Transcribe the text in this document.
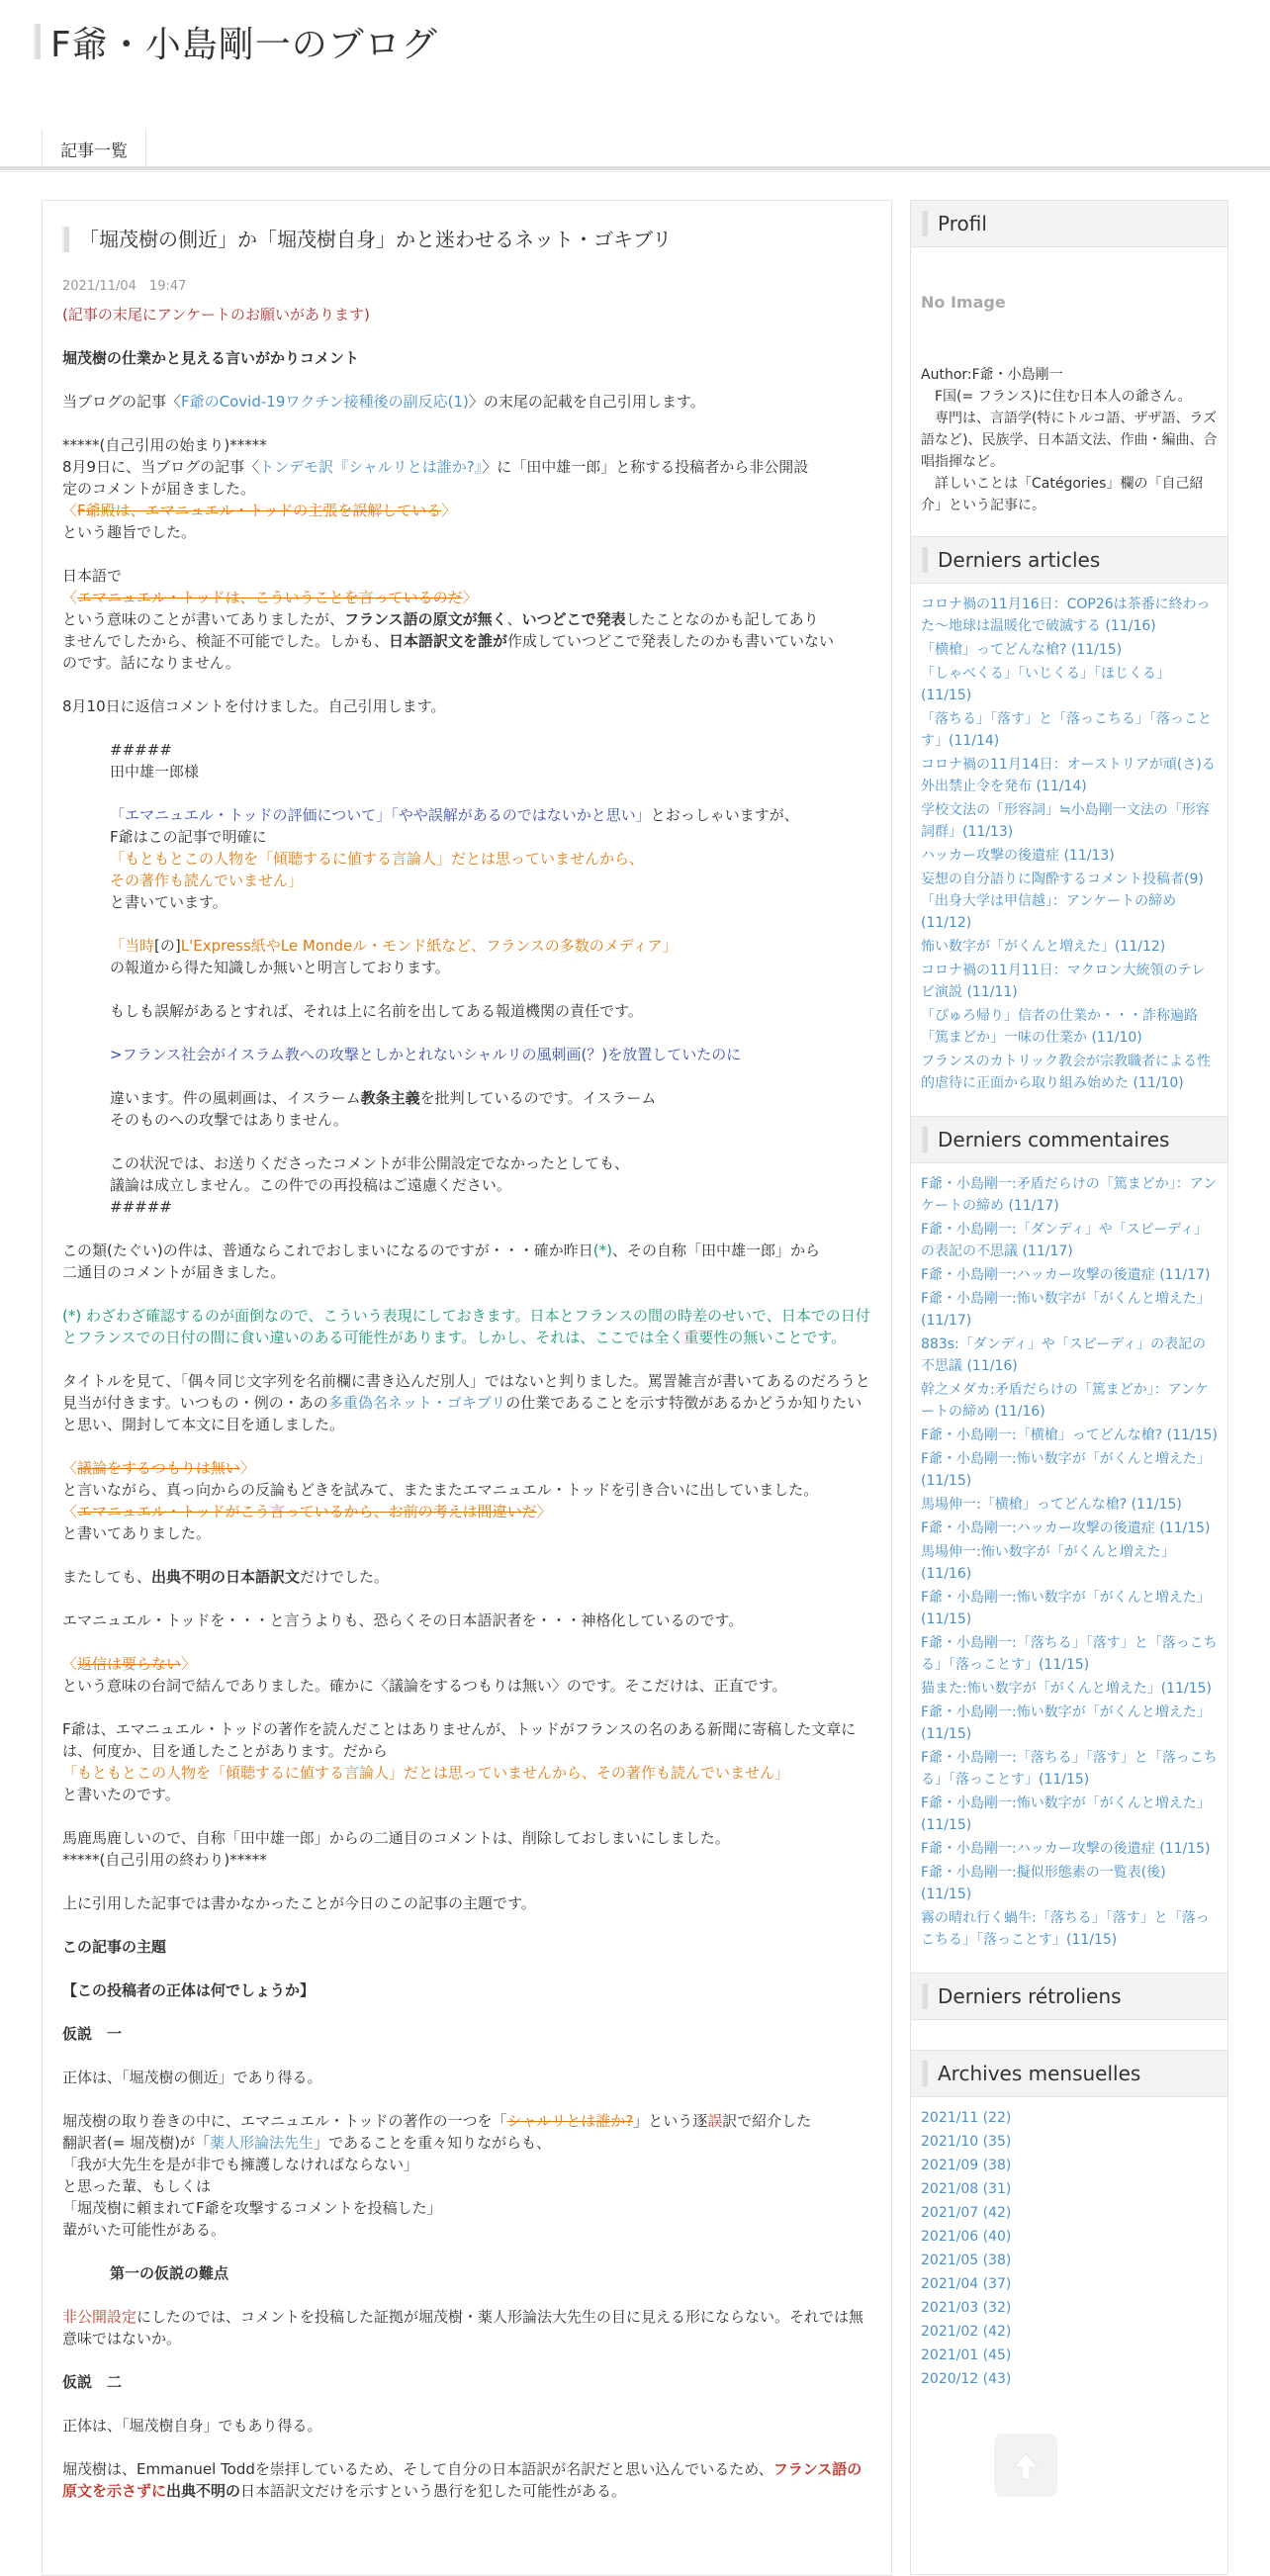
F爺・小島剛一のブログ
記事一覧
「堀茂樹の側近」か「堀茂樹自身」かと迷わせるネット・ゴキブリ
2021/11/04　19:47

(記事の末尾にアンケートのお願いがあります)

堀茂樹の仕業かと見える言いがかりコメント

当ブログの記事〈F爺のCovid-19ワクチン接種後の副反応(1)〉の末尾の記載を自己引用します。

*****(自己引用の始まり)*****

8月9日に、当ブログの記事〈トンデモ訳『シャルリとは誰か?』〉に「田中雄一郎」と称する投稿者から非公開設

定のコメントが届きました。

〈F爺殿は、エマニュエル・トッドの主張を誤解している〉

という趣旨でした。

日本語で

〈エマニュエル・トッドは、こういうことを言っているのだ〉

という意味のことが書いてありましたが、フランス語の原文が無く、いつどこで発表したことなのかも記してあり

ませんでしたから、検証不可能でした。しかも、日本語訳文を誰が作成していつどこで発表したのかも書いていない

のです。話になりません。

8月10日に返信コメントを付けました。自己引用します。

#####

田中雄一郎様

「エマニュエル・トッドの評価について」「やや誤解があるのではないかと思い」とおっしゃいますが、

F爺はこの記事で明確に

「もともとこの人物を「傾聴するに値する言論人」だとは思っていませんから、

その著作も読んでいません」

と書いています。

「当時[の]L'Express紙やLe Mondeル・モンド紙など、フランスの多数のメディア」

の報道から得た知識しか無いと明言しております。

もしも誤解があるとすれば、それは上に名前を出してある報道機関の責任です。

>フランス社会がイスラム教への攻撃としかとれないシャルリの風刺画(？)を放置していたのに

違います。件の風刺画は、イスラーム教条主義を批判しているのです。イスラーム

そのものへの攻撃ではありません。

この状況では、お送りくださったコメントが非公開設定でなかったとしても、

議論は成立しません。この件での再投稿はご遠慮ください。

#####

この類(たぐい)の件は、普通ならこれでおしまいになるのですが・・・確か昨日(*)、その自称「田中雄一郎」から

二通目のコメントが届きました。

(*) わざわざ確認するのが面倒なので、こういう表現にしておきます。日本とフランスの間の時差のせいで、日本での日付とフランスでの日付の間に食い違いのある可能性があります。しかし、それは、ここでは全く重要性の無いことです。

タイトルを見て、「偶々同じ文字列を名前欄に書き込んだ別人」ではないと判りました。罵詈雑言が書いてあるのだろうと見当が付きます。いつもの・例の・あの多重偽名ネット・ゴキブリの仕業であることを示す特徴があるかどうか知りたいと思い、開封して本文に目を通しました。

〈議論をするつもりは無い〉

と言いながら、真っ向からの反論もどきを試みて、またまたエマニュエル・トッドを引き合いに出していました。

〈エマニュエル・トッドがこう言っているから、お前の考えは間違いだ〉

と書いてありました。

またしても、出典不明の日本語訳文だけでした。

エマニュエル・トッドを・・・と言うよりも、恐らくその日本語訳者を・・・神格化しているのです。

〈返信は要らない〉

という意味の台詞で結んでありました。確かに〈議論をするつもりは無い〉のです。そこだけは、正直です。

F爺は、エマニュエル・トッドの著作を読んだことはありませんが、トッドがフランスの名のある新聞に寄稿した文章には、何度か、目を通したことがあります。だから

「もともとこの人物を「傾聴するに値する言論人」だとは思っていませんから、その著作も読んでいません」

と書いたのです。

馬鹿馬鹿しいので、自称「田中雄一郎」からの二通目のコメントは、削除しておしまいにしました。

*****(自己引用の終わり)*****

上に引用した記事では書かなかったことが今日のこの記事の主題です。

この記事の主題

【この投稿者の正体は何でしょうか】

仮説　一

正体は、「堀茂樹の側近」であり得る。

堀茂樹の取り巻きの中に、エマニュエル・トッドの著作の一つを「シャルリとは誰か?」という逐誤訳で紹介した

翻訳者(= 堀茂樹)が「薬人形論法先生」であることを重々知りながらも、

「我が大先生を是が非でも擁護しなければならない」

と思った輩、もしくは

「堀茂樹に頼まれてF爺を攻撃するコメントを投稿した」

輩がいた可能性がある。

第一の仮説の難点

非公開設定にしたのでは、コメントを投稿した証拠が堀茂樹・薬人形論法大先生の目に見える形にならない。それでは無意味ではないか。

仮説　二

正体は、「堀茂樹自身」でもあり得る。

堀茂樹は、Emmanuel Toddを崇拝しているため、そして自分の日本語訳が名訳だと思い込んでいるため、フランス語の原文を示さずに出典不明の日本語訳文だけを示すという愚行を犯した可能性がある。

Profil
No Image
Author:F爺・小島剛一
　F国(= フランス)に住む日本人の爺さん。
　専門は、言語学(特にトルコ語、ザザ語、ラズ語など)、民族学、日本語文法、作曲・編曲、合唱指揮など。
　詳しいことは「Catégories」欄の「自己紹介」という記事に。
Derniers articles
コロナ禍の11月16日：COP26は茶番に終わった～地球は温暖化で破滅する (11/16)
「横槍」ってどんな槍? (11/15)
「しゃべくる」「いじくる」「ほじくる」(11/15)
「落ちる」「落す」と「落っこちる」「落っことす」(11/14)
コロナ禍の11月14日：オーストリアが頑(さ)る外出禁止令を発布 (11/14)
学校文法の「形容詞」≒小島剛一文法の「形容詞群」(11/13)
ハッカー攻撃の後遺症 (11/13)
妄想の自分語りに陶酔するコメント投稿者(9)「出身大学は甲信越」：アンケートの締め (11/12)
怖い数字が「がくんと増えた」(11/12)
コロナ禍の11月11日：マクロン大統領のテレビ演説 (11/11)
「ぴゅろ帰り」信者の仕業か・・・詐称遍路「篤まどか」一味の仕業か (11/10)
フランスのカトリック教会が宗教職者による性的虐待に正面から取り組み始めた (11/10)
Derniers commentaires
F爺・小島剛一:矛盾だらけの「篤まどか」：アンケートの締め (11/17)
F爺・小島剛一:「ダンディ」や「スピーディ」の表記の不思議 (11/17)
F爺・小島剛一:ハッカー攻撃の後遺症 (11/17)
F爺・小島剛一:怖い数字が「がくんと増えた」(11/17)
883s:「ダンディ」や「スピーディ」の表記の不思議 (11/16)
幹之メダカ:矛盾だらけの「篤まどか」：アンケートの締め (11/16)
F爺・小島剛一:「横槍」ってどんな槍? (11/15)
F爺・小島剛一:怖い数字が「がくんと増えた」(11/15)
馬場伸一:「横槍」ってどんな槍? (11/15)
F爺・小島剛一:ハッカー攻撃の後遺症 (11/15)
馬場伸一:怖い数字が「がくんと増えた」(11/16)
F爺・小島剛一:怖い数字が「がくんと増えた」(11/15)
F爺・小島剛一:「落ちる」「落す」と「落っこちる」「落っことす」(11/15)
猫また:怖い数字が「がくんと増えた」(11/15)
F爺・小島剛一:怖い数字が「がくんと増えた」(11/15)
F爺・小島剛一:「落ちる」「落す」と「落っこちる」「落っことす」(11/15)
F爺・小島剛一:怖い数字が「がくんと増えた」(11/15)
F爺・小島剛一:ハッカー攻撃の後遺症 (11/15)
F爺・小島剛一:擬似形態素の一覧表(後) (11/15)
霧の晴れ行く蝸牛:「落ちる」「落す」と「落っこちる」「落っことす」(11/15)
Derniers rétroliens
Archives mensuelles
2021/11 (22)
2021/10 (35)
2021/09 (38)
2021/08 (31)
2021/07 (42)
2021/06 (40)
2021/05 (38)
2021/04 (37)
2021/03 (32)
2021/02 (42)
2021/01 (45)
2020/12 (43)
